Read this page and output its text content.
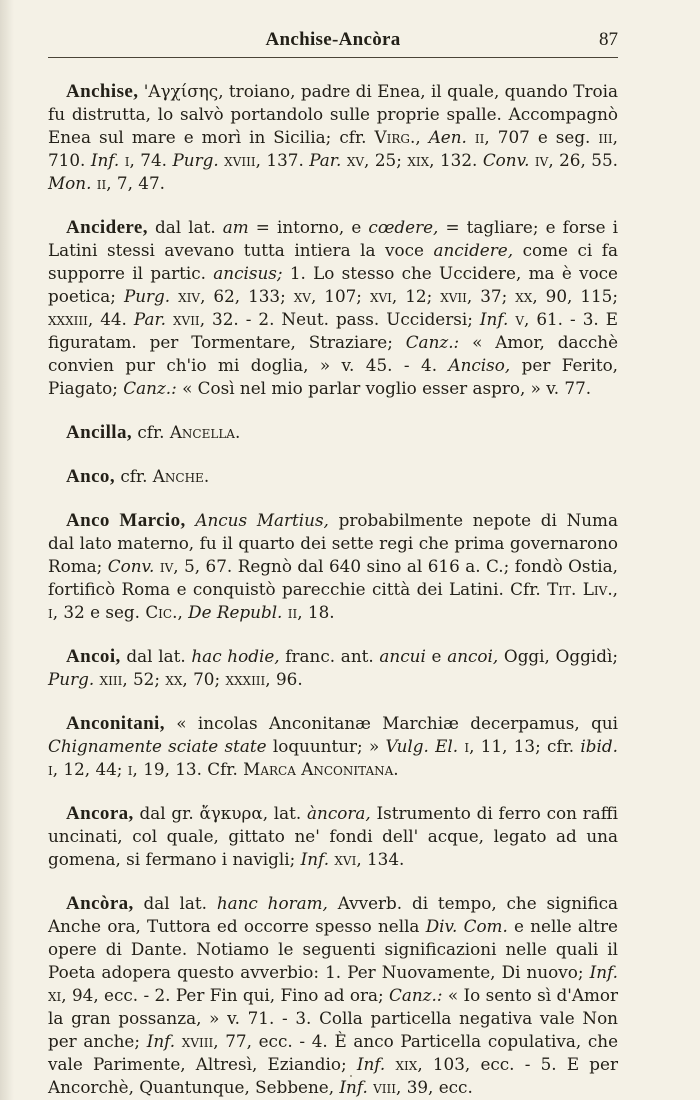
Anchise-Ancòra	87

Anchise, 'Αγχίσης, troiano, padre di Enea, il quale, quando Troia fu distrutta, lo salvò portandolo sulle proprie spalle. Accompagnò Enea sul mare e morì in Sicilia; cfr. Virg., Aen. ii, 707 e seg. iii, 710. Inf. i, 74. Purg. xviii, 137. Par. xv, 25; xix, 132. Conv. iv, 26, 55. Mon. ii, 7, 47.

Ancidere, dal lat. am = intorno, e cœdere, = tagliare; e forse i Latini stessi avevano tutta intiera la voce ancidere, come ci fa supporre il partic. ancisus; 1. Lo stesso che Uccidere, ma è voce poetica; Purg. xiv, 62, 133; xv, 107; xvi, 12; xvii, 37; xx, 90, 115; xxxiii, 44. Par. xvii, 32. - 2. Neut. pass. Uccidersi; Inf. v, 61. - 3. E figuratam. per Tormentare, Straziare; Canz.: « Amor, dacchè convien pur ch'io mi doglia, » v. 45. - 4. Anciso, per Ferito, Piagato; Canz.: « Così nel mio parlar voglio esser aspro, » v. 77.

Ancilla, cfr. Ancella.

Anco, cfr. Anche.

Anco Marcio, Ancus Martius, probabilmente nepote di Numa dal lato materno, fu il quarto dei sette regi che prima governarono Roma; Conv. iv, 5, 67. Regnò dal 640 sino al 616 a. C.; fondò Ostia, fortificò Roma e conquistò parecchie città dei Latini. Cfr. Tit. Liv., i, 32 e seg. Cic., De Republ. ii, 18.

Ancoi, dal lat. hac hodie, franc. ant. ancui e ancoi, Oggi, Oggidì; Purg. xiii, 52; xx, 70; xxxiii, 96.

Anconitani, « incolas Anconitanæ Marchiæ decerpamus, qui Chignamente sciate state loquuntur; » Vulg. El. i, 11, 13; cfr. ibid. i, 12, 44; i, 19, 13. Cfr. Marca Anconitana.

Ancora, dal gr. ἄγκυρα, lat. àncora, Istrumento di ferro con raffi uncinati, col quale, gittato ne' fondi dell' acque, legato ad una gomena, si fermano i navigli; Inf. xvi, 134.

Ancòra, dal lat. hanc horam, Avverb. di tempo, che significa Anche ora, Tuttora ed occorre spesso nella Div. Com. e nelle altre opere di Dante. Notiamo le seguenti significazioni nelle quali il Poeta adopera questo avverbio: 1. Per Nuovamente, Di nuovo; Inf. xi, 94, ecc. - 2. Per Fin qui, Fino ad ora; Canz.: « Io sento sì d'Amor la gran possanza, » v. 71. - 3. Colla particella negativa vale Non per anche; Inf. xviii, 77, ecc. - 4. È anco Particella copulativa, che vale Parimente, Altresì, Eziandio; Inf. xix, 103, ecc. - 5. E per Ancorchè, Quantunque, Sebbene, Inf. viii, 39, ecc.
